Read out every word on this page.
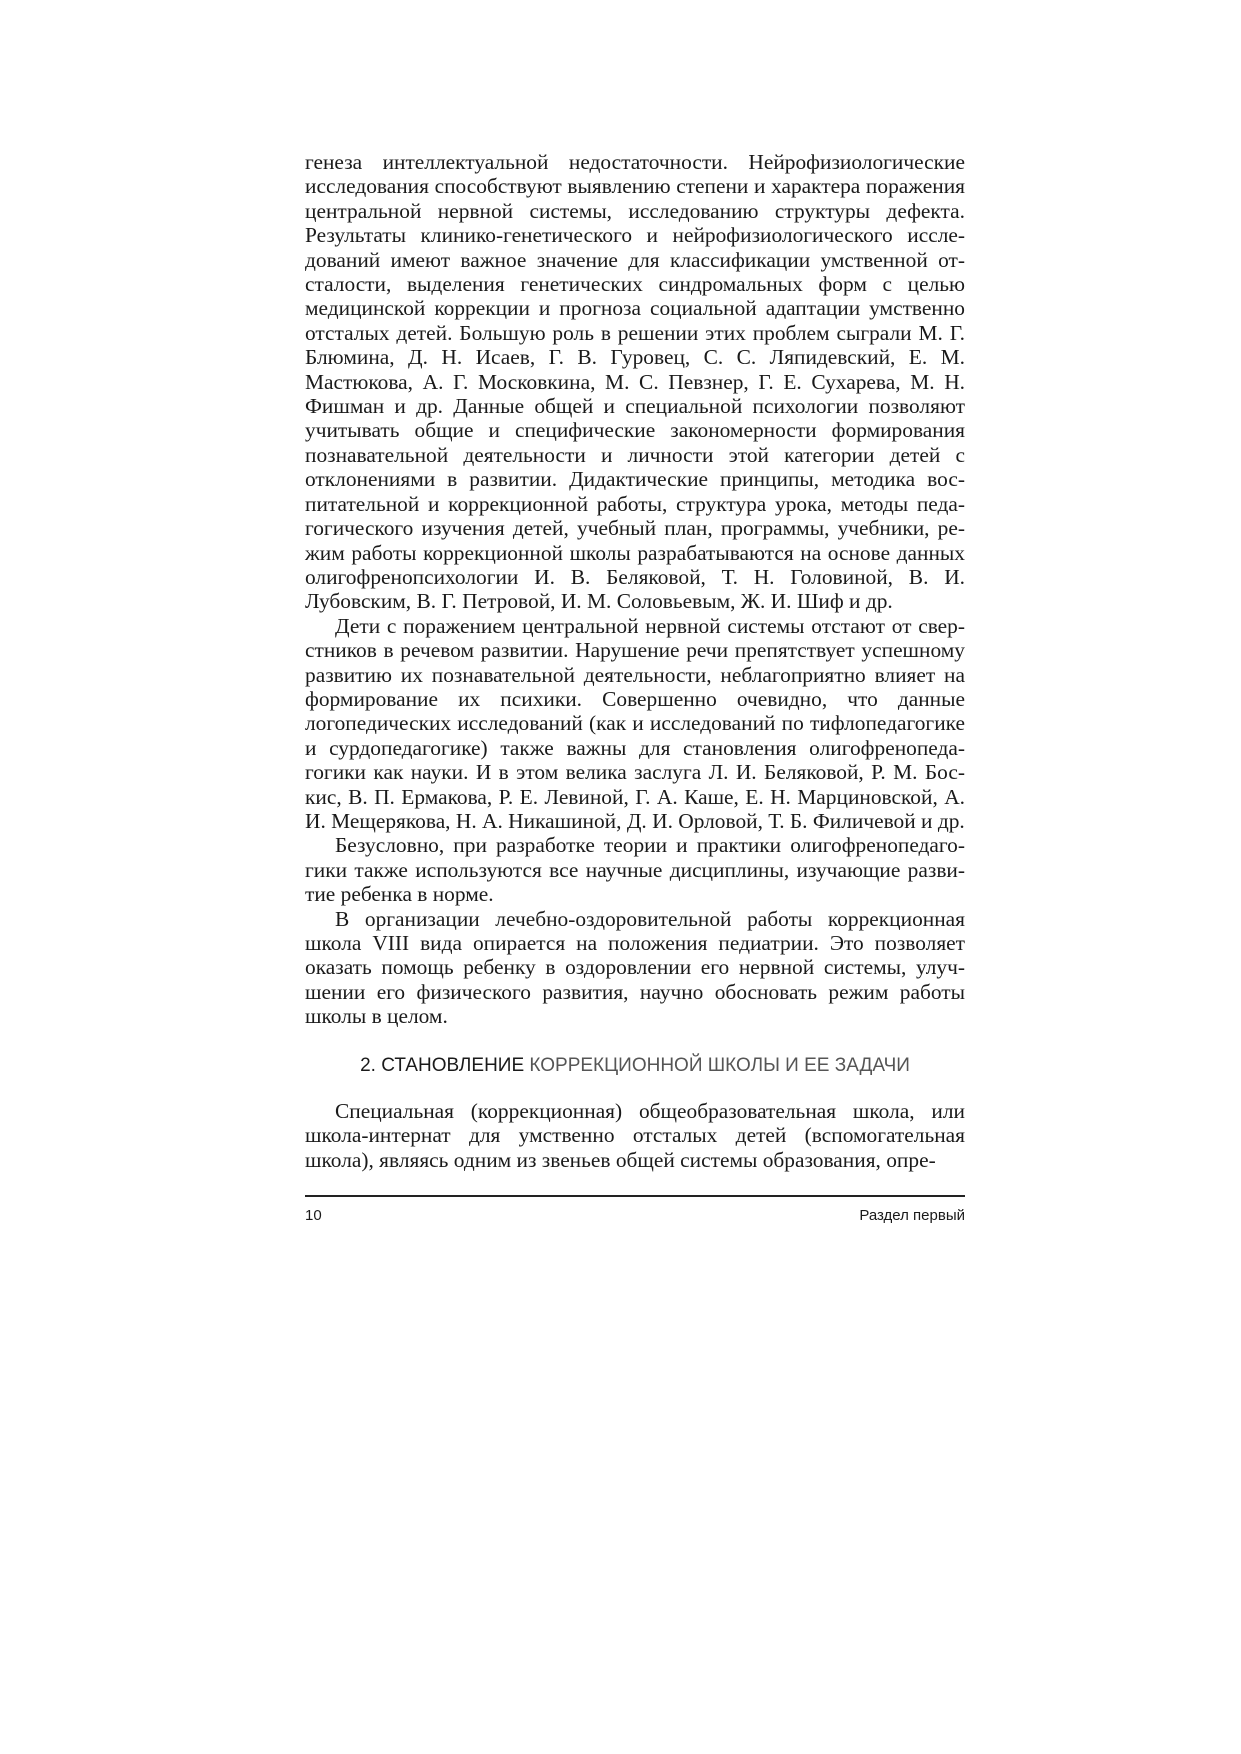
генеза интеллектуальной недостаточности. Нейрофизиологические исследования способствуют выявлению степени и характера поражения центральной нервной системы, исследованию структуры дефекта. Результаты клинико-генетического и нейрофизиологического исследований имеют важное значение для классификации умственной отсталости, выделения генетических синдромальных форм с целью медицинской коррекции и прогноза социальной адаптации умственно отсталых детей. Большую роль в решении этих проблем сыграли М. Г. Блюмина, Д. Н. Исаев, Г. В. Гуровец, С. С. Ляпидевский, Е. М. Мастюкова, А. Г. Московкина, М. С. Певзнер, Г. Е. Сухарева, М. Н. Фишман и др. Данные общей и специальной психологии позволяют учитывать общие и специфические закономерности формирования познавательной деятельности и личности этой категории детей с отклонениями в развитии. Дидактические принципы, методика воспитательной и коррекционной работы, структура урока, методы педагогического изучения детей, учебный план, программы, учебники, режим работы коррекционной школы разрабатываются на основе данных олигофренопсихологии И. В. Беляковой, Т. Н. Головиной, В. И. Лубовским, В. Г. Петровой, И. М. Соловьевым, Ж. И. Шиф и др.

Дети с поражением центральной нервной системы отстают от сверстников в речевом развитии. Нарушение речи препятствует успешному развитию их познавательной деятельности, неблагоприятно влияет на формирование их психики. Совершенно очевидно, что данные логопедических исследований (как и исследований по тифлопедагогике и сурдопедагогике) также важны для становления олигофренопедагогики как науки. И в этом велика заслуга Л. И. Беляковой, Р. М. Боскис, В. П. Ермакова, Р. Е. Левиной, Г. А. Каше, Е. Н. Марциновской, А. И. Мещерякова, Н. А. Никашиной, Д. И. Орловой, Т. Б. Филичевой и др.

Безусловно, при разработке теории и практики олигофренопедагогики также используются все научные дисциплины, изучающие развитие ребенка в норме.

В организации лечебно-оздоровительной работы коррекционная школа VIII вида опирается на положения педиатрии. Это позволяет оказать помощь ребенку в оздоровлении его нервной системы, улучшении его физического развития, научно обосновать режим работы школы в целом.

2. СТАНОВЛЕНИЕ КОРРЕКЦИОННОЙ ШКОЛЫ И ЕЕ ЗАДАЧИ

Специальная (коррекционная) общеобразовательная школа, или школа-интернат для умственно отсталых детей (вспомогательная школа), являясь одним из звеньев общей системы образования, опре-

10	Раздел первый
